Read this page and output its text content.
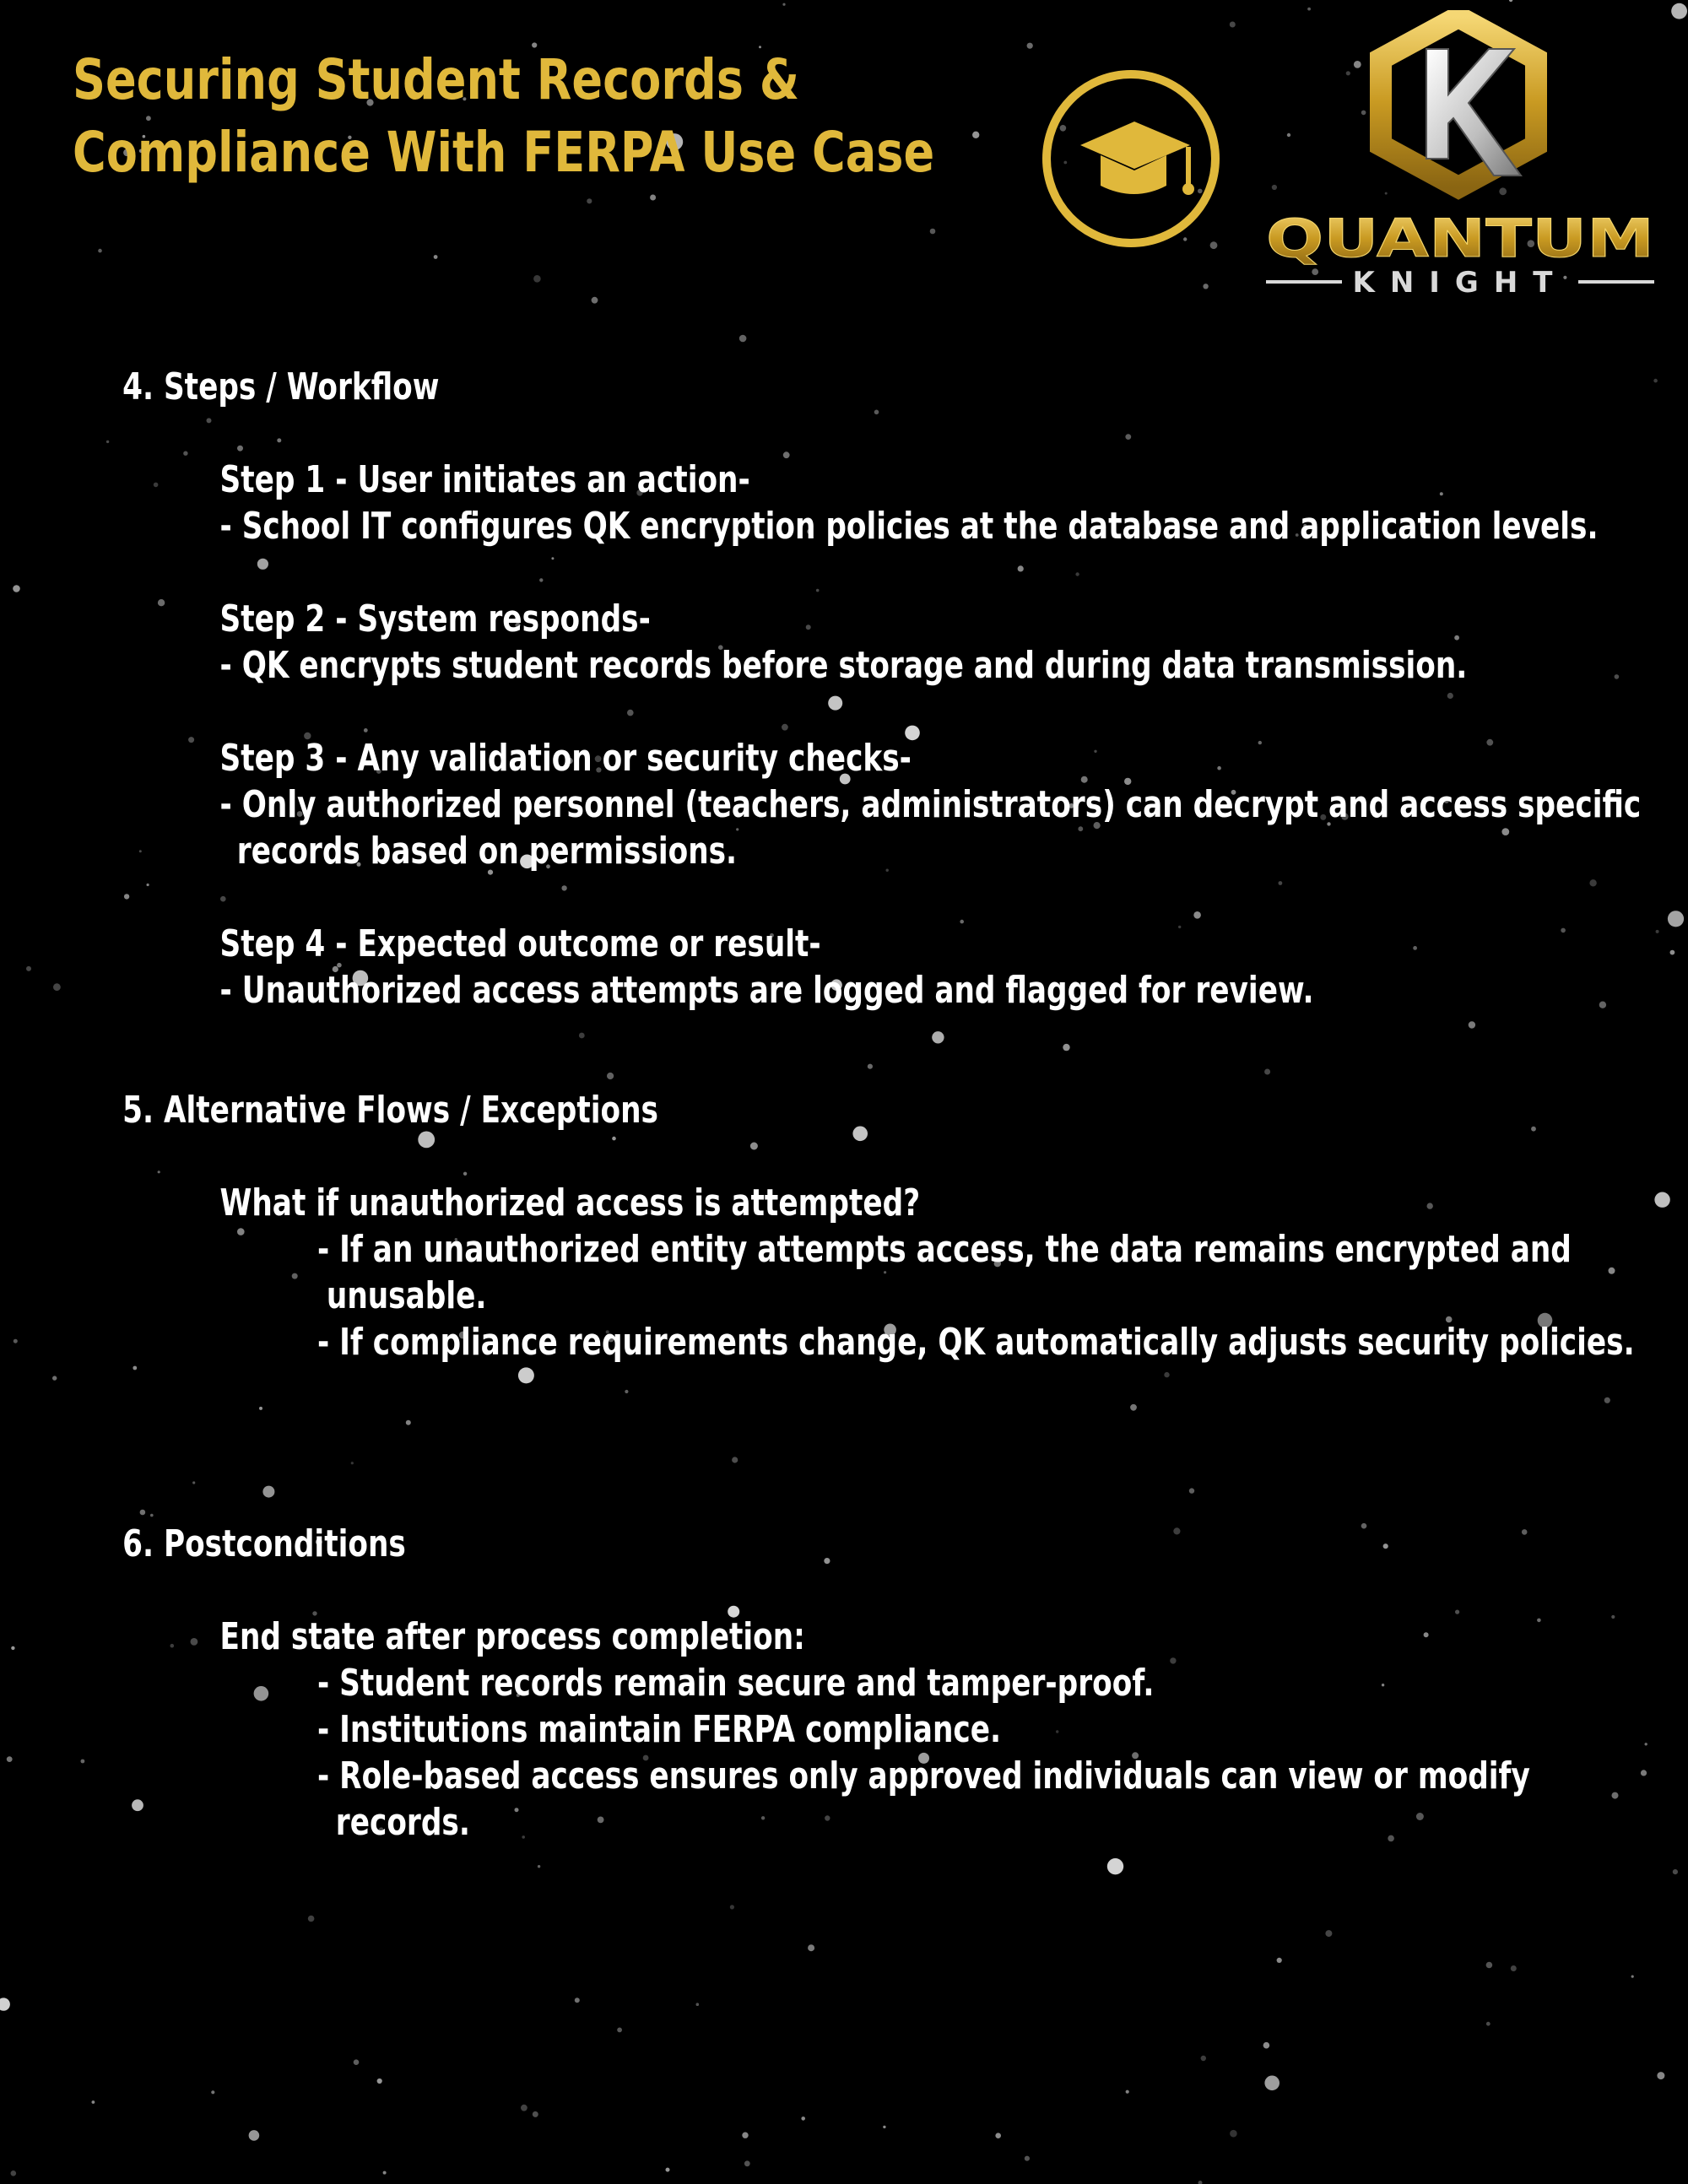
Securing Student Records &
Compliance With FERPA Use Case
QUANTUM
KNIGHT

4. Steps / Workflow

Step 1 - User initiates an action-

- School IT configures QK encryption policies at the database and application levels.

Step 2 - System responds-

- QK encrypts student records before storage and during data transmission.

Step 3 - Any validation or security checks-

- Only authorized personnel (teachers, administrators) can decrypt and access specific

records based on permissions.

Step 4 - Expected outcome or result-

- Unauthorized access attempts are logged and flagged for review.

5. Alternative Flows / Exceptions

What if unauthorized access is attempted?

- If an unauthorized entity attempts access, the data remains encrypted and

unusable.

- If compliance requirements change, QK automatically adjusts security policies.

6. Postconditions

End state after process completion:

- Student records remain secure and tamper-proof.

- Institutions maintain FERPA compliance.

- Role-based access ensures only approved individuals can view or modify

records.
